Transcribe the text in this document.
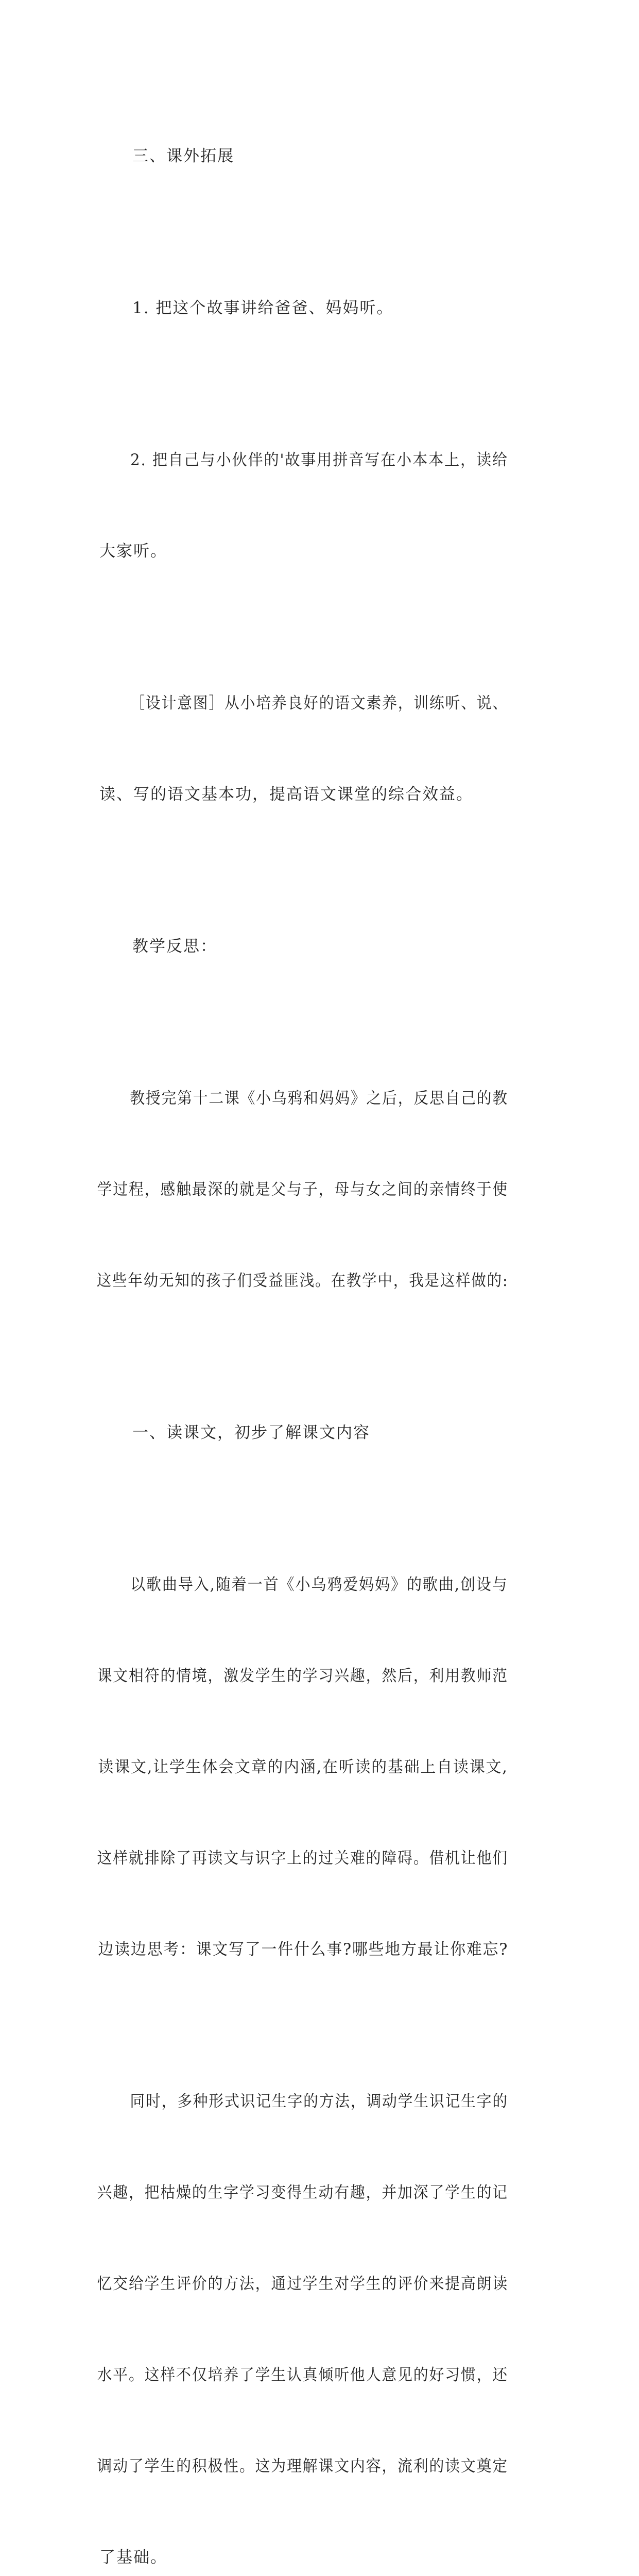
三、课外拓展

1. 把这个故事讲给爸爸、妈妈听。

2. 把自己与小伙伴的'故事用拼音写在小本本上，读给

大家听。

［设计意图］从小培养良好的语文素养，训练听、说、

读、写的语文基本功，提高语文课堂的综合效益。

教学反思：

教授完第十二课《小乌鸦和妈妈》之后，反思自己的教

学过程，感触最深的就是父与子，母与女之间的亲情终于使

这些年幼无知的孩子们受益匪浅。在教学中，我是这样做的:

一、读课文，初步了解课文内容

以歌曲导入,随着一首《小乌鸦爱妈妈》的歌曲,创设与

课文相符的情境，激发学生的学习兴趣，然后，利用教师范

读课文,让学生体会文章的内涵,在听读的基础上自读课文,

这样就排除了再读文与识字上的过关难的障碍。借机让他们

边读边思考：课文写了一件什么事?哪些地方最让你难忘?

同时，多种形式识记生字的方法，调动学生识记生字的

兴趣，把枯燥的生字学习变得生动有趣，并加深了学生的记

忆交给学生评价的方法，通过学生对学生的评价来提高朗读

水平。这样不仅培养了学生认真倾听他人意见的好习惯，还

调动了学生的积极性。这为理解课文内容，流利的读文奠定

了基础。
